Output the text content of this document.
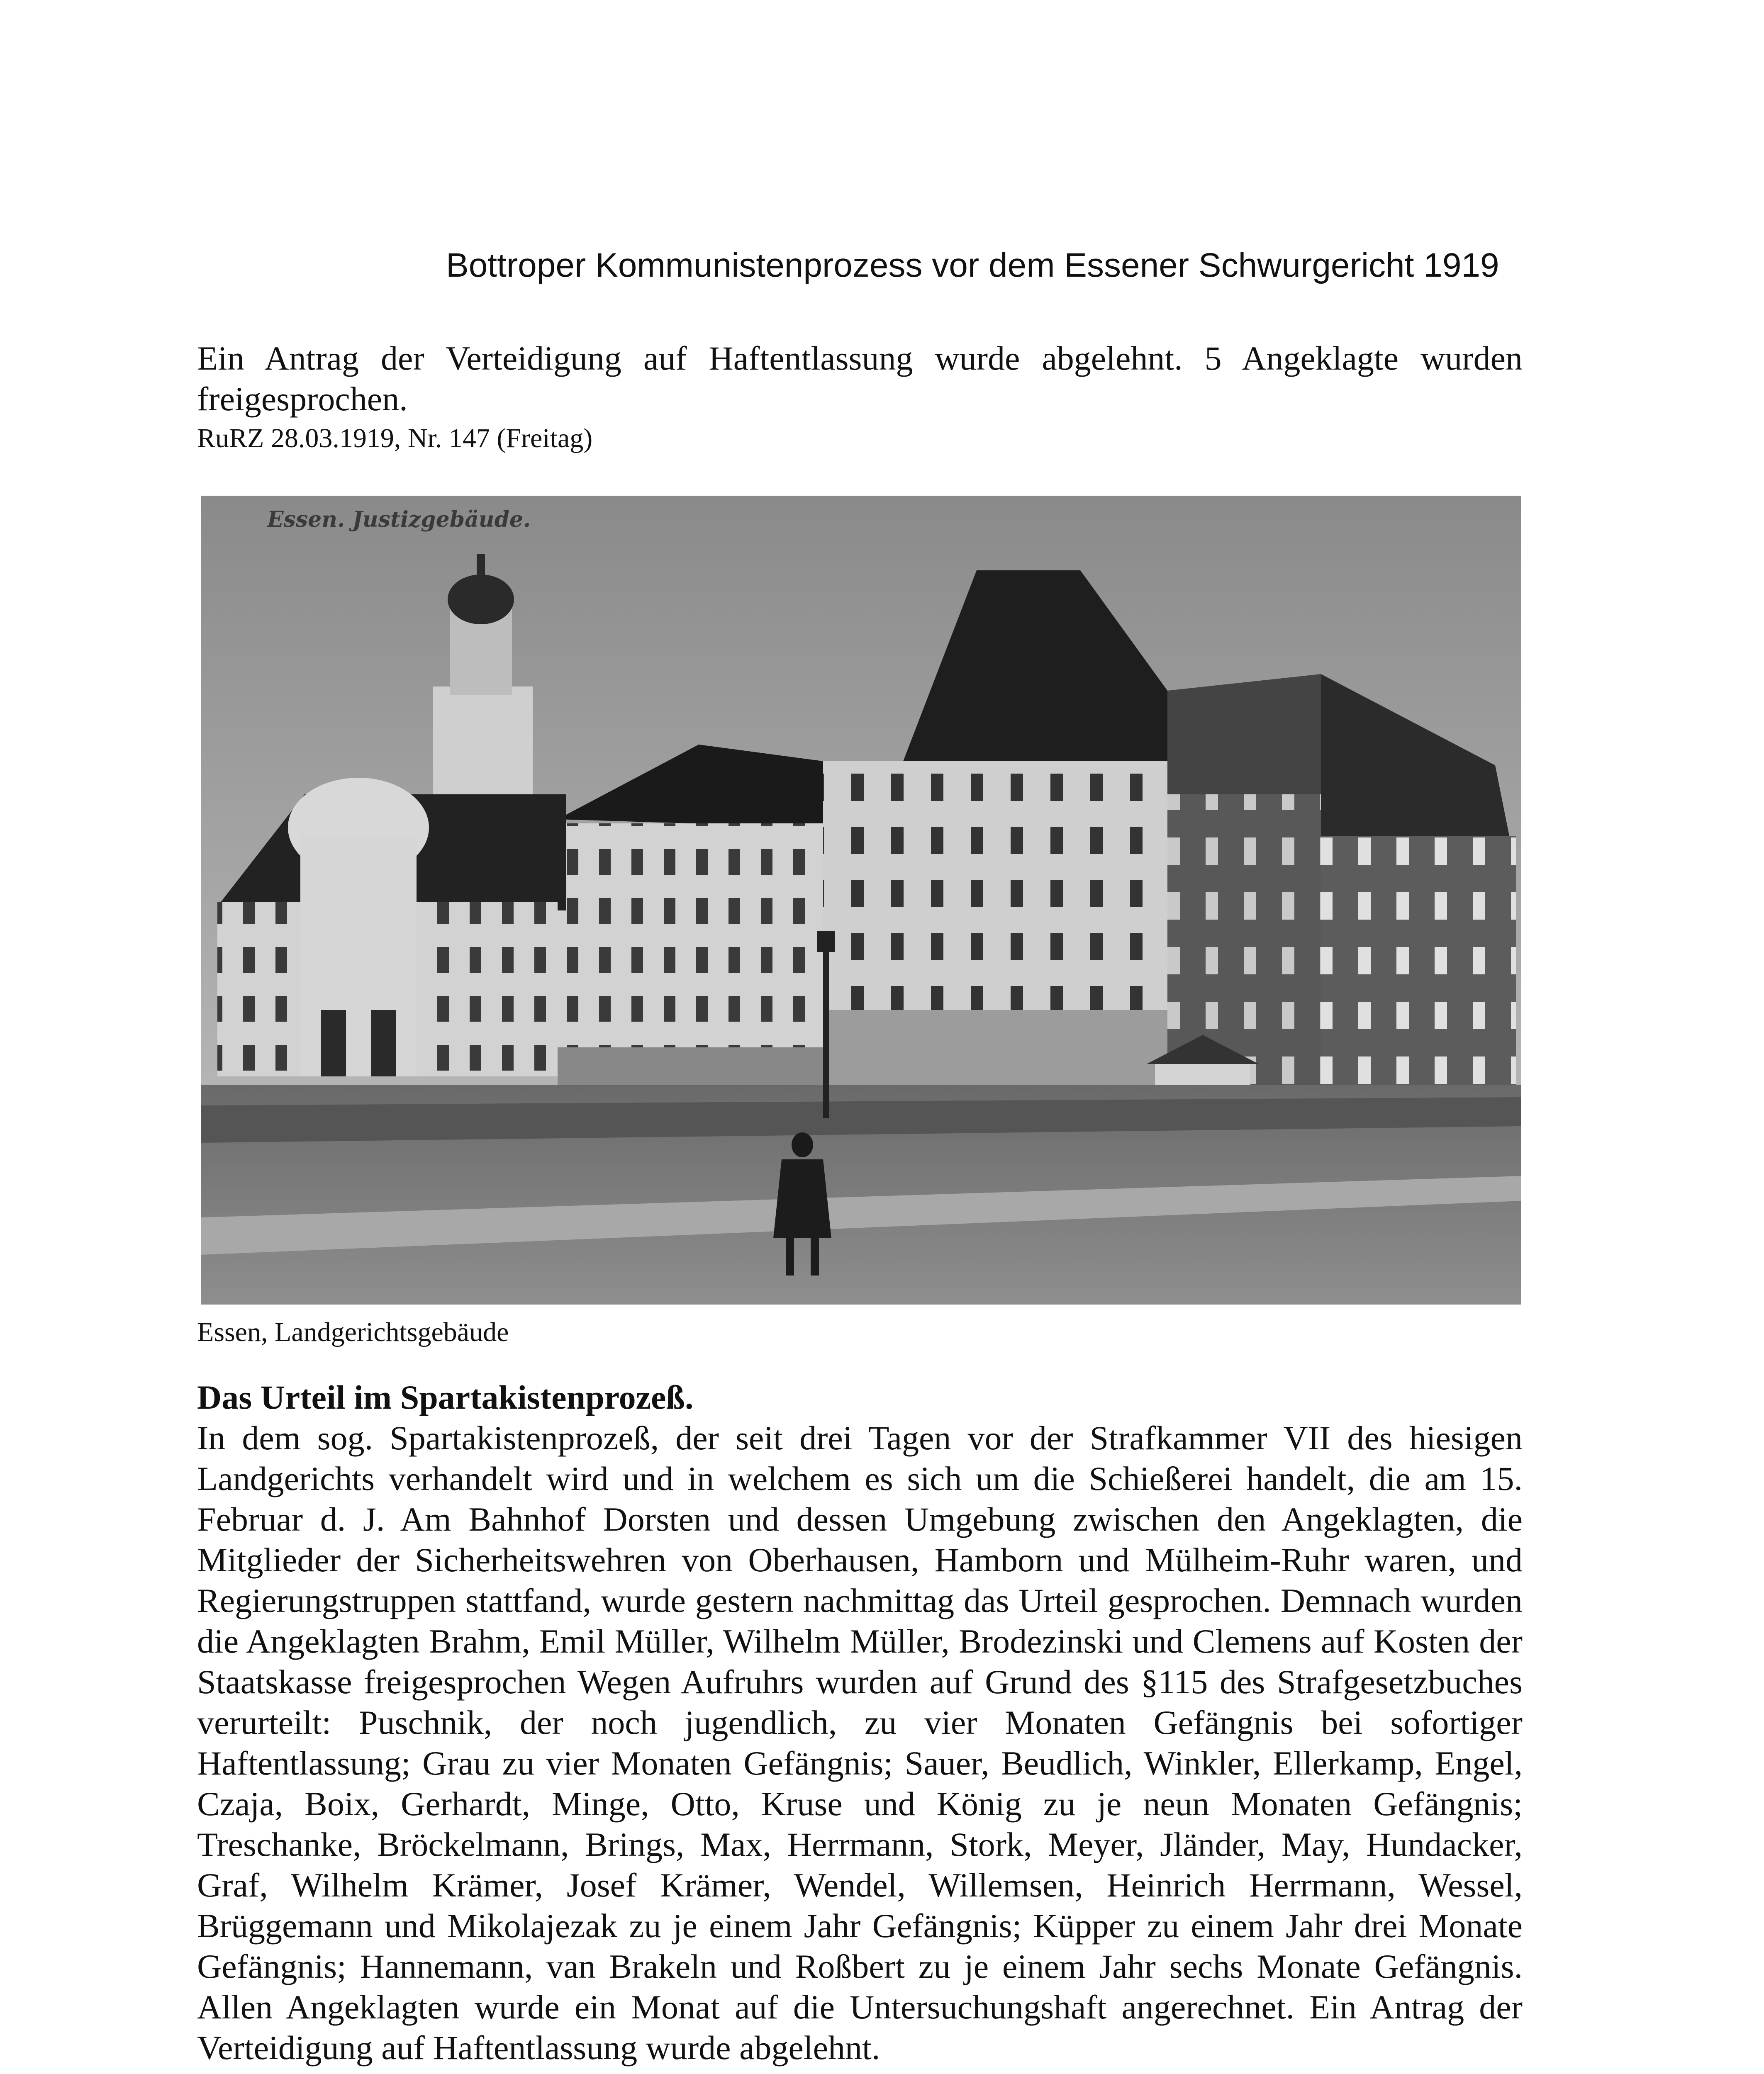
Bottroper Kommunistenprozess vor dem Essener Schwurgericht 1919

Ein Antrag der Verteidigung auf Haftentlassung wurde abgelehnt. 5 Angeklagte wurden freigesprochen.

RuRZ 28.03.1919, Nr. 147 (Freitag)

Essen. Justizgebäude.
Essen, Landgerichtsgebäude

Das Urteil im Spartakistenprozeß.

In dem sog. Spartakistenprozeß, der seit drei Tagen vor der Strafkammer VII des hiesigen Landgerichts verhandelt wird und in welchem es sich um die Schießerei handelt, die am 15. Februar d. J. Am Bahnhof Dorsten und dessen Umgebung zwischen den Angeklagten, die Mitglieder der Sicherheitswehren von Oberhausen, Hamborn und Mülheim-Ruhr waren, und Regierungstruppen stattfand, wurde gestern nachmittag das Urteil gesprochen. Demnach wurden die Angeklagten Brahm, Emil Müller, Wilhelm Müller, Brodezinski und Clemens auf Kosten der Staatskasse freigesprochen Wegen Aufruhrs wurden auf Grund des §115 des Strafgesetzbuches verurteilt: Puschnik, der noch jugendlich, zu vier Monaten Gefängnis bei sofortiger Haftentlassung; Grau zu vier Monaten Gefängnis; Sauer, Beudlich, Winkler, Ellerkamp, Engel, Czaja, Boix, Gerhardt, Minge, Otto, Kruse und König zu je neun Monaten Gefängnis; Treschanke, Bröckelmann, Brings, Max, Herrmann, Stork, Meyer, Jländer, May, Hundacker, Graf, Wilhelm Krämer, Josef Krämer, Wendel, Willemsen, Heinrich Herrmann, Wessel, Brüggemann und Mikolajezak zu je einem Jahr Gefängnis; Küpper zu einem Jahr drei Monate Gefängnis; Hannemann, van Brakeln und Roßbert zu je einem Jahr sechs Monate Gefängnis. Allen Angeklagten wurde ein Monat auf die Untersuchungshaft angerechnet. Ein Antrag der Verteidigung auf Haftentlassung wurde abgelehnt.
